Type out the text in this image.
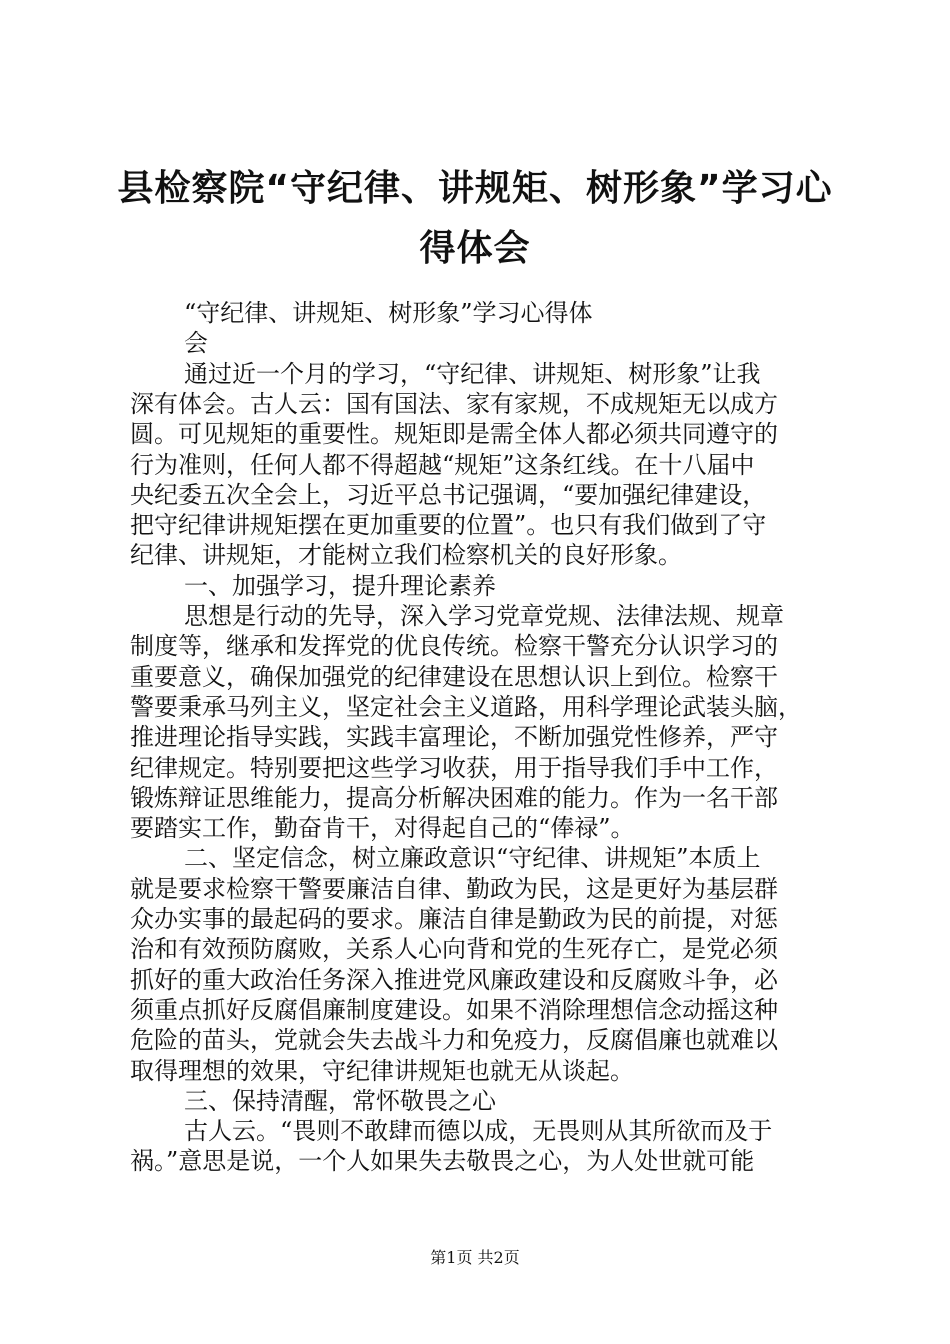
县检察院“守纪律、讲规矩、树形象”学习心
得体会
“守纪律、讲规矩、树形象”学习心得体
会
通过近一个月的学习，“守纪律、讲规矩、树形象”让我
深有体会。古人云：国有国法、家有家规，不成规矩无以成方
圆。可见规矩的重要性。规矩即是需全体人都必须共同遵守的
行为准则，任何人都不得超越“规矩”这条红线。在十八届中
央纪委五次全会上，习近平总书记强调，“要加强纪律建设，
把守纪律讲规矩摆在更加重要的位置”。也只有我们做到了守
纪律、讲规矩，才能树立我们检察机关的良好形象。
一、加强学习，提升理论素养
思想是行动的先导，深入学习党章党规、法律法规、规章
制度等，继承和发挥党的优良传统。检察干警充分认识学习的
重要意义，确保加强党的纪律建设在思想认识上到位。检察干
警要秉承马列主义，坚定社会主义道路，用科学理论武装头脑，
推进理论指导实践，实践丰富理论，不断加强党性修养，严守
纪律规定。特别要把这些学习收获，用于指导我们手中工作，
锻炼辩证思维能力，提高分析解决困难的能力。作为一名干部
要踏实工作，勤奋肯干，对得起自己的“俸禄”。
二、坚定信念，树立廉政意识“守纪律、讲规矩”本质上
就是要求检察干警要廉洁自律、勤政为民，这是更好为基层群
众办实事的最起码的要求。廉洁自律是勤政为民的前提，对惩
治和有效预防腐败，关系人心向背和党的生死存亡，是党必须
抓好的重大政治任务深入推进党风廉政建设和反腐败斗争，必
须重点抓好反腐倡廉制度建设。如果不消除理想信念动摇这种
危险的苗头，党就会失去战斗力和免疫力，反腐倡廉也就难以
取得理想的效果，守纪律讲规矩也就无从谈起。
三、保持清醒，常怀敬畏之心
古人云。“畏则不敢肆而德以成，无畏则从其所欲而及于
祸。”意思是说，一个人如果失去敬畏之心，为人处世就可能
第1页 共2页
